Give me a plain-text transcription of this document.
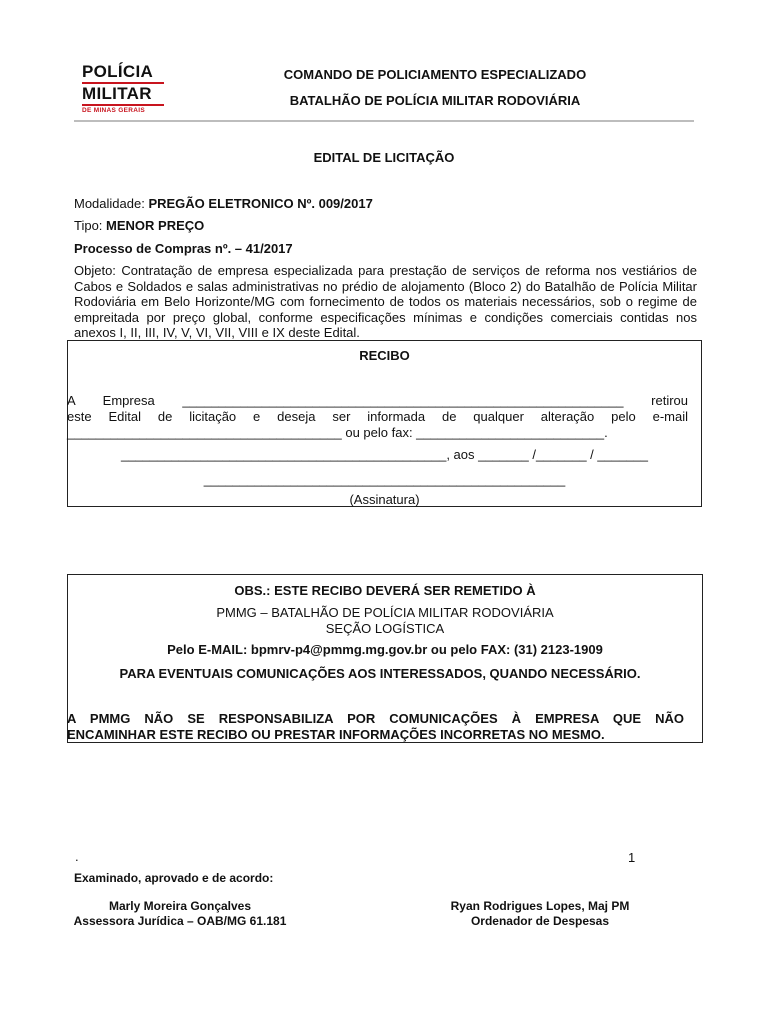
POLÍCIA
MILITAR
DE MINAS GERAIS
COMANDO DE POLICIAMENTO ESPECIALIZADO
BATALHÃO DE POLÍCIA MILITAR RODOVIÁRIA
EDITAL DE LICITAÇÃO
Modalidade: PREGÃO ELETRONICO Nº. 009/2017
Tipo: MENOR PREÇO
Processo de Compras nº. – 41/2017
Objeto: Contratação de empresa especializada para prestação de serviços de reforma nos vestiários de Cabos e Soldados e salas administrativas no prédio de alojamento (Bloco 2) do Batalhão de Polícia Militar Rodoviária em Belo Horizonte/MG com fornecimento de todos os materiais necessários, sob o regime de empreitada por preço global, conforme especificações mínimas e condições comerciais contidas nos anexos I, II, III, IV, V, VI, VII, VIII e IX deste Edital.
RECIBO
A Empresa _____________________________________________________________ retirou
este Edital de licitação e deseja ser informada de qualquer alteração pelo e-mail
______________________________________ ou pelo fax: __________________________.
_____________________________________________, aos _______ /_______ / _______
__________________________________________________
(Assinatura)
OBS.: ESTE RECIBO DEVERÁ SER REMETIDO À
PMMG – BATALHÃO DE POLÍCIA MILITAR RODOVIÁRIA
SEÇÃO LOGÍSTICA
Pelo E-MAIL: bpmrv-p4@pmmg.mg.gov.br ou pelo FAX: (31) 2123-1909
PARA EVENTUAIS COMUNICAÇÕES AOS INTERESSADOS, QUANDO NECESSÁRIO.
A PMMG NÃO SE RESPONSABILIZA POR COMUNICAÇÕES À EMPRESA QUE NÃO
ENCAMINHAR ESTE RECIBO OU PRESTAR INFORMAÇÕES INCORRETAS NO MESMO.
.	1
Examinado, aprovado e de acordo:
Marly Moreira Gonçalves
Assessora Jurídica – OAB/MG 61.181
Ryan Rodrigues Lopes, Maj PM
Ordenador de Despesas
